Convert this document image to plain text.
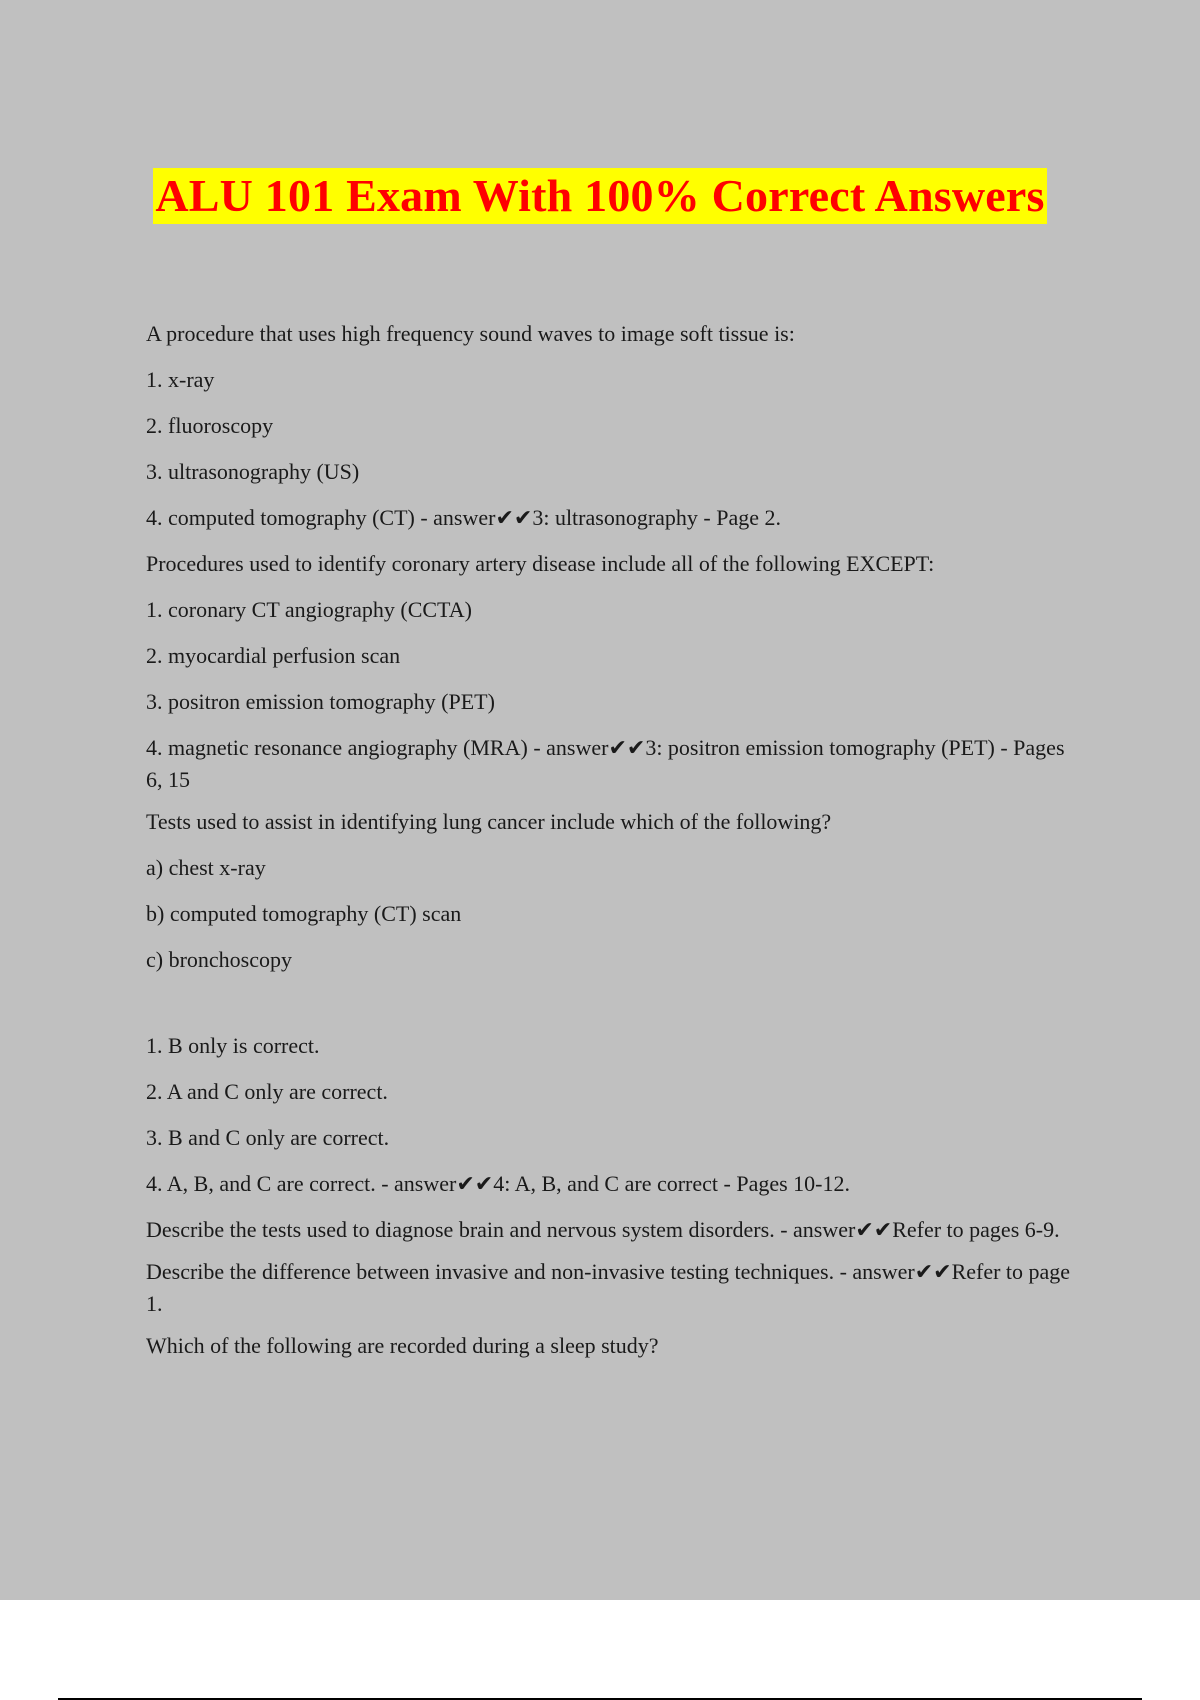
ALU 101 Exam With 100% Correct Answers

A procedure that uses high frequency sound waves to image soft tissue is:

1. x-ray

2. fluoroscopy

3. ultrasonography (US)

4. computed tomography (CT) - answer✔✔3: ultrasonography - Page 2.

Procedures used to identify coronary artery disease include all of the following EXCEPT:

1. coronary CT angiography (CCTA)

2. myocardial perfusion scan

3. positron emission tomography (PET)

4. magnetic resonance angiography (MRA) - answer✔✔3: positron emission tomography (PET) - Pages 6, 15

Tests used to assist in identifying lung cancer include which of the following?

a) chest x-ray

b) computed tomography (CT) scan

c) bronchoscopy

1. B only is correct.

2. A and C only are correct.

3. B and C only are correct.

4. A, B, and C are correct. - answer✔✔4: A, B, and C are correct - Pages 10-12.

Describe the tests used to diagnose brain and nervous system disorders. - answer✔✔Refer to pages 6-9.

Describe the difference between invasive and non-invasive testing techniques. - answer✔✔Refer to page 1.

Which of the following are recorded during a sleep study?
